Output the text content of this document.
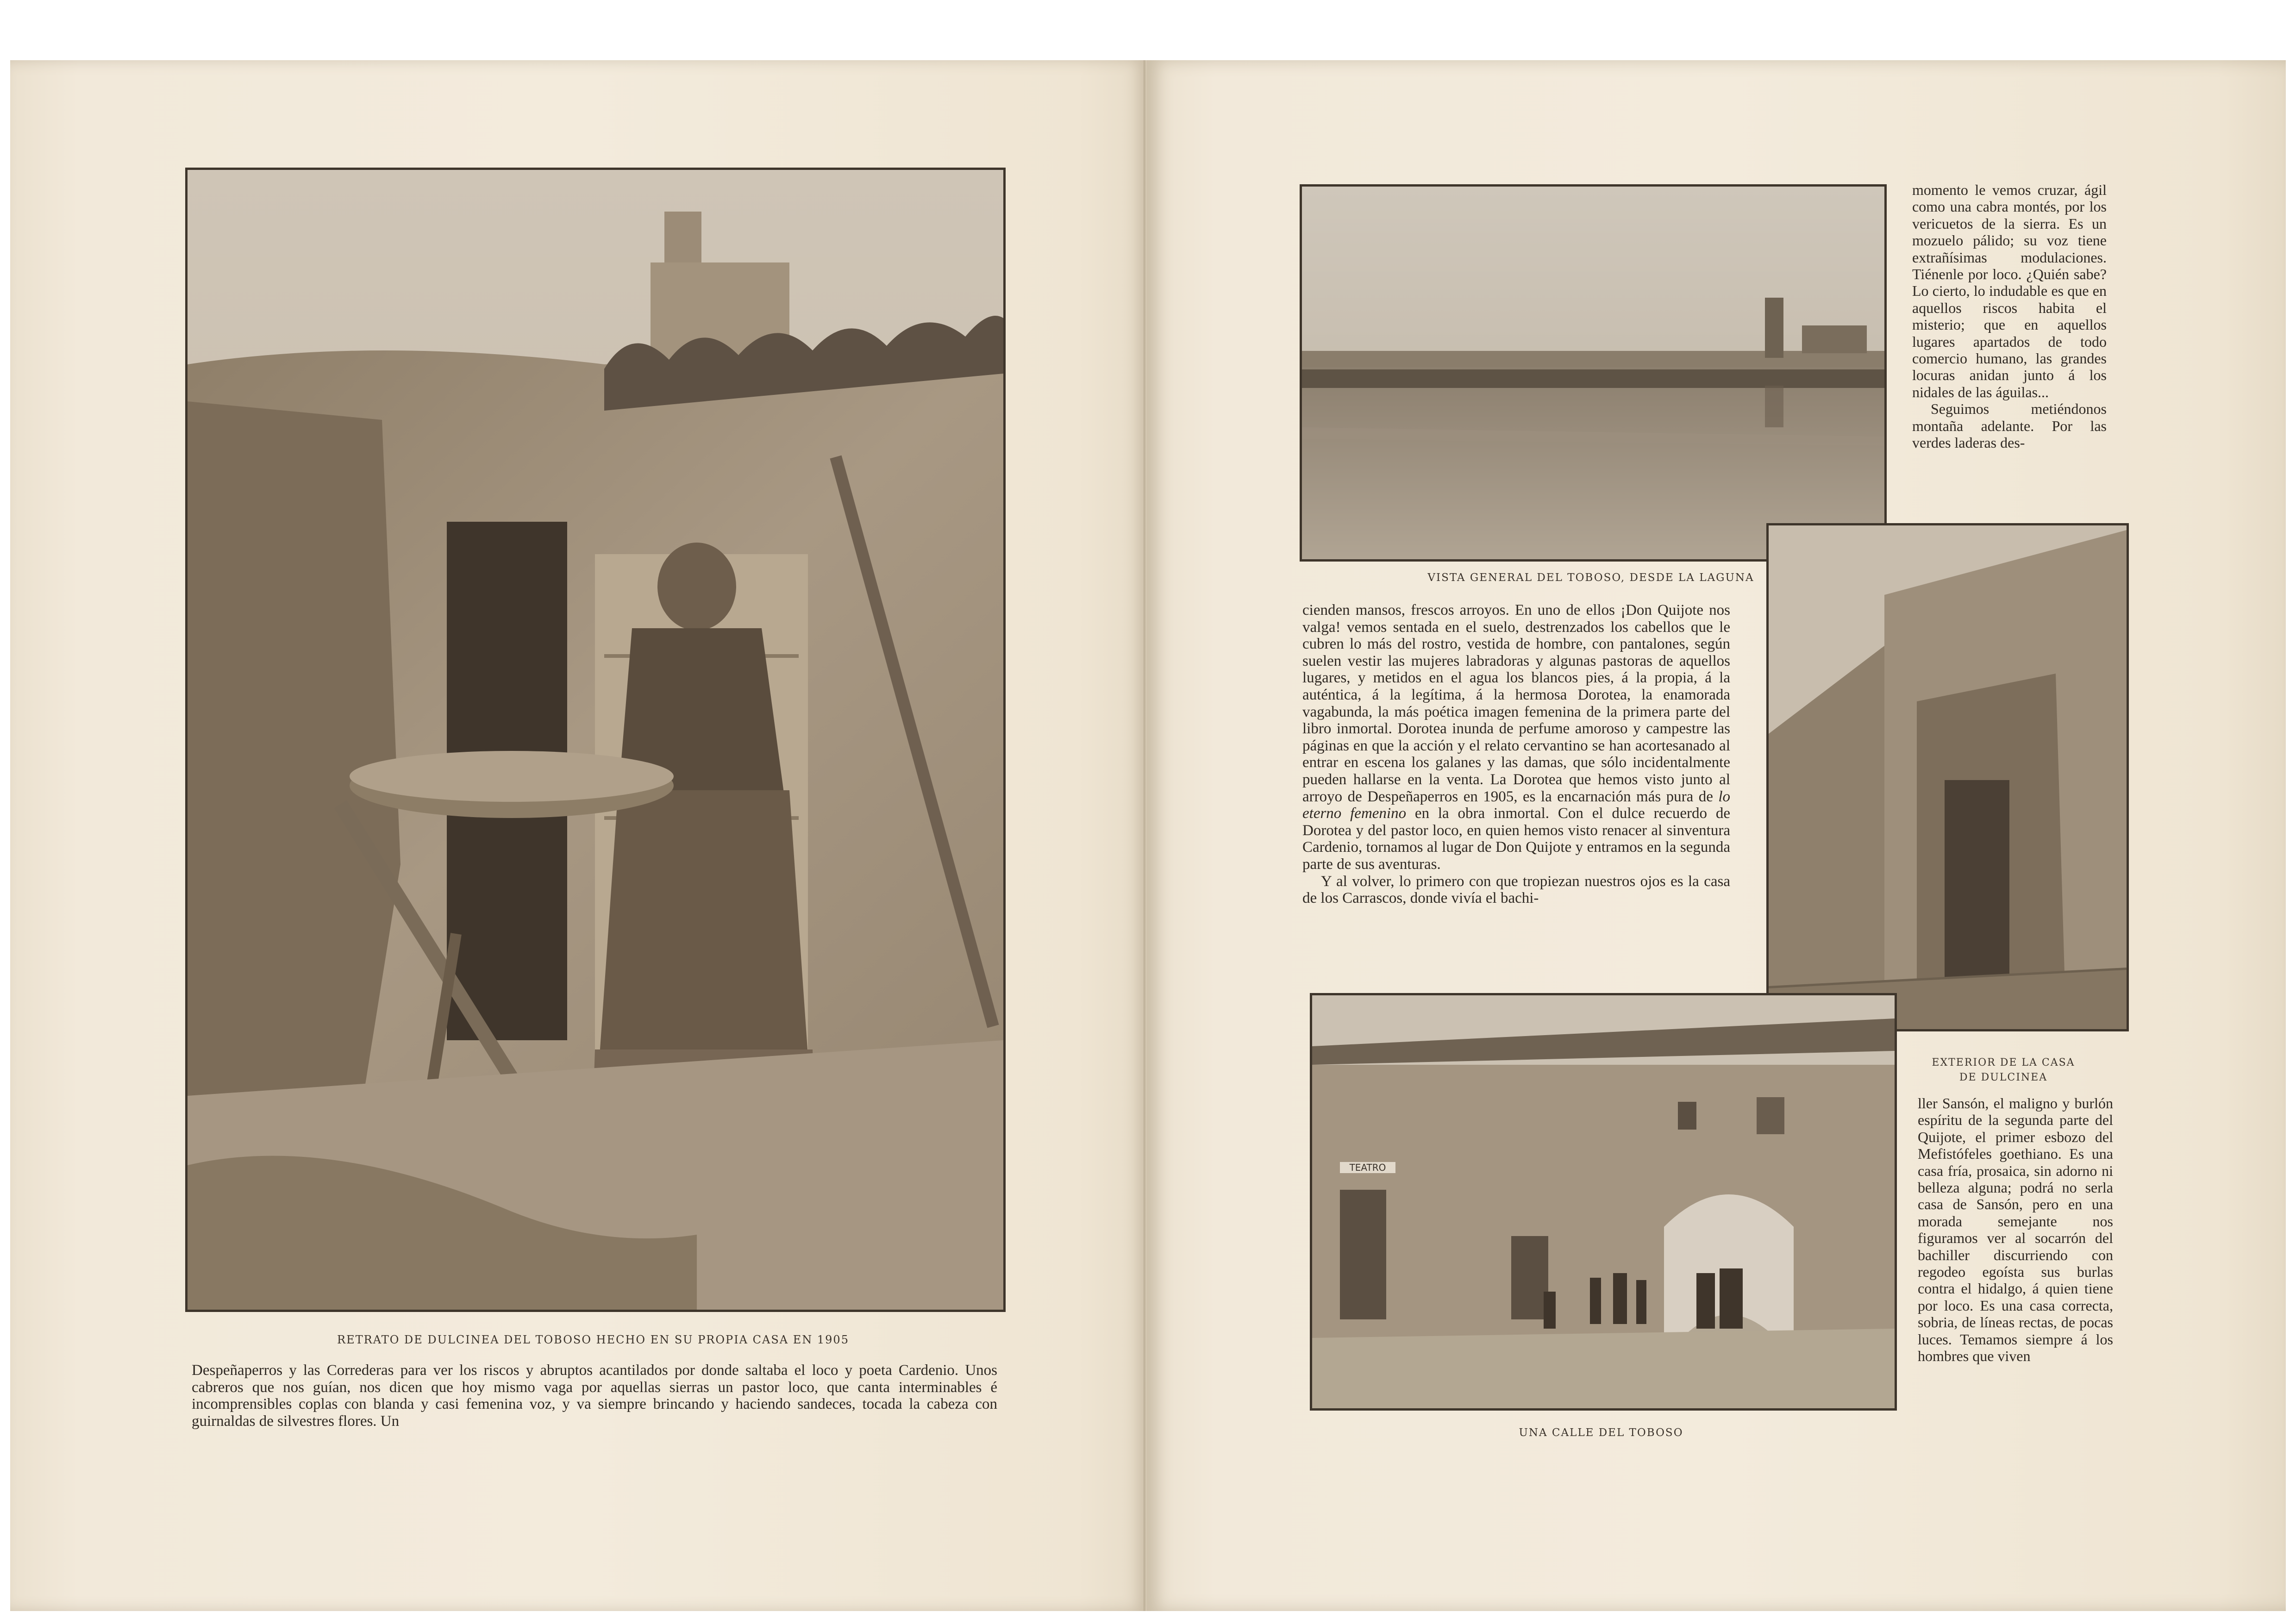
RETRATO DE DULCINEA DEL TOBOSO HECHO EN SU PROPIA CASA EN 1905

Despeñaperros y las Correderas para ver los riscos y abruptos acantilados por donde saltaba el loco y poeta Cardenio. Unos cabreros que nos guían, nos dicen que hoy mismo vaga por aquellas sierras un pastor loco, que canta interminables é incomprensibles coplas con blanda y casi femenina voz, y va siempre brincando y haciendo sandeces, tocada la cabeza con guirnaldas de silvestres flores. Un

VISTA GENERAL DEL TOBOSO, DESDE LA LAGUNA

momento le vemos cruzar, ágil como una cabra montés, por los vericuetos de la sierra. Es un mozuelo pálido; su voz tiene extrañísimas modulaciones. Tiénenle por loco. ¿Quién sabe? Lo cierto, lo indudable es que en aquellos riscos habita el misterio; que en aquellos lugares apartados de todo comercio humano, las grandes locuras anidan junto á los nidales de las águilas...

Seguimos metiéndonos montaña adelante. Por las verdes laderas des-

EXTERIOR DE LA CASA
DE DULCINEA

cienden mansos, frescos arroyos. En uno de ellos ¡Don Quijote nos valga! vemos sentada en el suelo, destrenzados los cabellos que le cubren lo más del rostro, vestida de hombre, con pantalones, según suelen vestir las mujeres labradoras y algunas pastoras de aquellos lugares, y metidos en el agua los blancos pies, á la propia, á la auténtica, á la legítima, á la hermosa Dorotea, la enamorada vagabunda, la más poética imagen femenina de la primera parte del libro inmortal. Dorotea inunda de perfume amoroso y campestre las páginas en que la acción y el relato cervantino se han acortesanado al entrar en escena los galanes y las damas, que sólo incidentalmente pueden hallarse en la venta. La Dorotea que hemos visto junto al arroyo de Despeñaperros en 1905, es la encarnación más pura de lo eterno femenino en la obra inmortal. Con el dulce recuerdo de Dorotea y del pastor loco, en quien hemos visto renacer al sinventura Cardenio, tornamos al lugar de Don Quijote y entramos en la segunda parte de sus aventuras.

Y al volver, lo primero con que tropiezan nuestros ojos es la casa de los Carrascos, donde vivía el bachi-

TEATRO
UNA CALLE DEL TOBOSO

ller Sansón, el maligno y burlón espíritu de la segunda parte del Quijote, el primer esbozo del Mefistófeles goethiano. Es una casa fría, prosaica, sin adorno ni belleza alguna; podrá no serla casa de Sansón, pero en una morada semejante nos figuramos ver al socarrón del bachiller discurriendo con regodeo egoísta sus burlas contra el hidalgo, á quien tiene por loco. Es una casa correcta, sobria, de líneas rectas, de pocas luces. Temamos siempre á los hombres que viven
